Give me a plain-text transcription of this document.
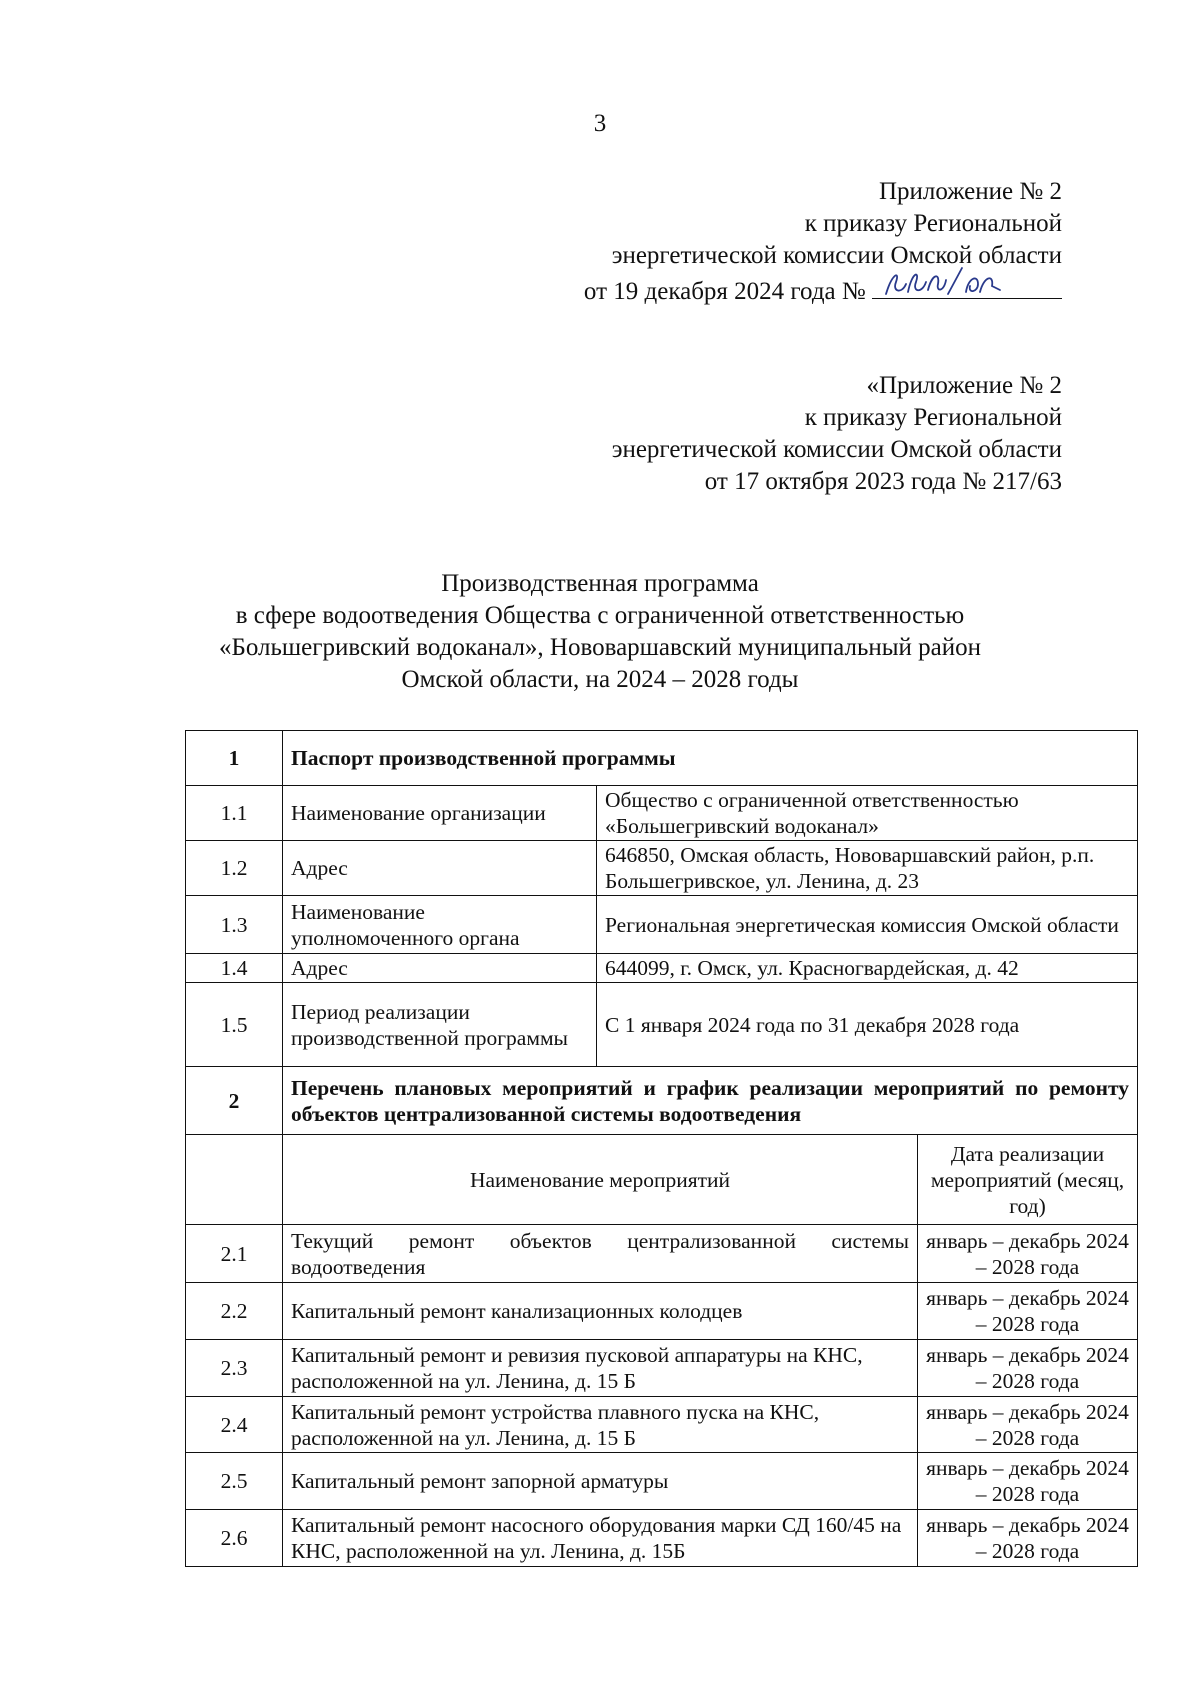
3
Приложение № 2
к приказу Региональной
энергетической комиссии Омской области
от 19 декабря 2024 года №
«Приложение № 2
к приказу Региональной
энергетической комиссии Омской области
от 17 октября 2023 года № 217/63
Производственная программа
в сфере водоотведения Общества с ограниченной ответственностью
«Большегривский водоканал», Нововаршавский муниципальный район
Омской области, на 2024 – 2028 годы
1	Паспорт производственной программы		
1.1	Наименование организации	Общество с ограниченной ответственностью «Большегривский водоканал»	
1.2	Адрес	646850, Омская область, Нововаршавский район, р.п. Большегривское, ул. Ленина, д. 23	
1.3	Наименование уполномоченного органа	Региональная энергетическая комиссия Омской области	
1.4	Адрес	644099, г. Омск, ул. Красногвардейская, д. 42	
1.5	Период реализации производственной программы	С 1 января 2024 года по 31 декабря 2028 года	
2	Перечень плановых мероприятий и график реализации мероприятий по ремонту объектов централизованной системы водоотведения		
	Наименование мероприятий		Дата реализации мероприятий (месяц, год)
2.1	Текущий ремонт объектов централизованной системы водоотведения		январь – декабрь 2024 – 2028 года
2.2	Капитальный ремонт канализационных колодцев		январь – декабрь 2024 – 2028 года
2.3	Капитальный ремонт и ревизия пусковой аппаратуры на КНС, расположенной на ул. Ленина, д. 15 Б		январь – декабрь 2024 – 2028 года
2.4	Капитальный ремонт устройства плавного пуска на КНС, расположенной на ул. Ленина, д. 15 Б		январь – декабрь 2024 – 2028 года
2.5	Капитальный ремонт запорной арматуры		январь – декабрь 2024 – 2028 года
2.6	Капитальный ремонт насосного оборудования марки СД 160/45 на КНС, расположенной на ул. Ленина, д. 15Б		январь – декабрь 2024 – 2028 года
